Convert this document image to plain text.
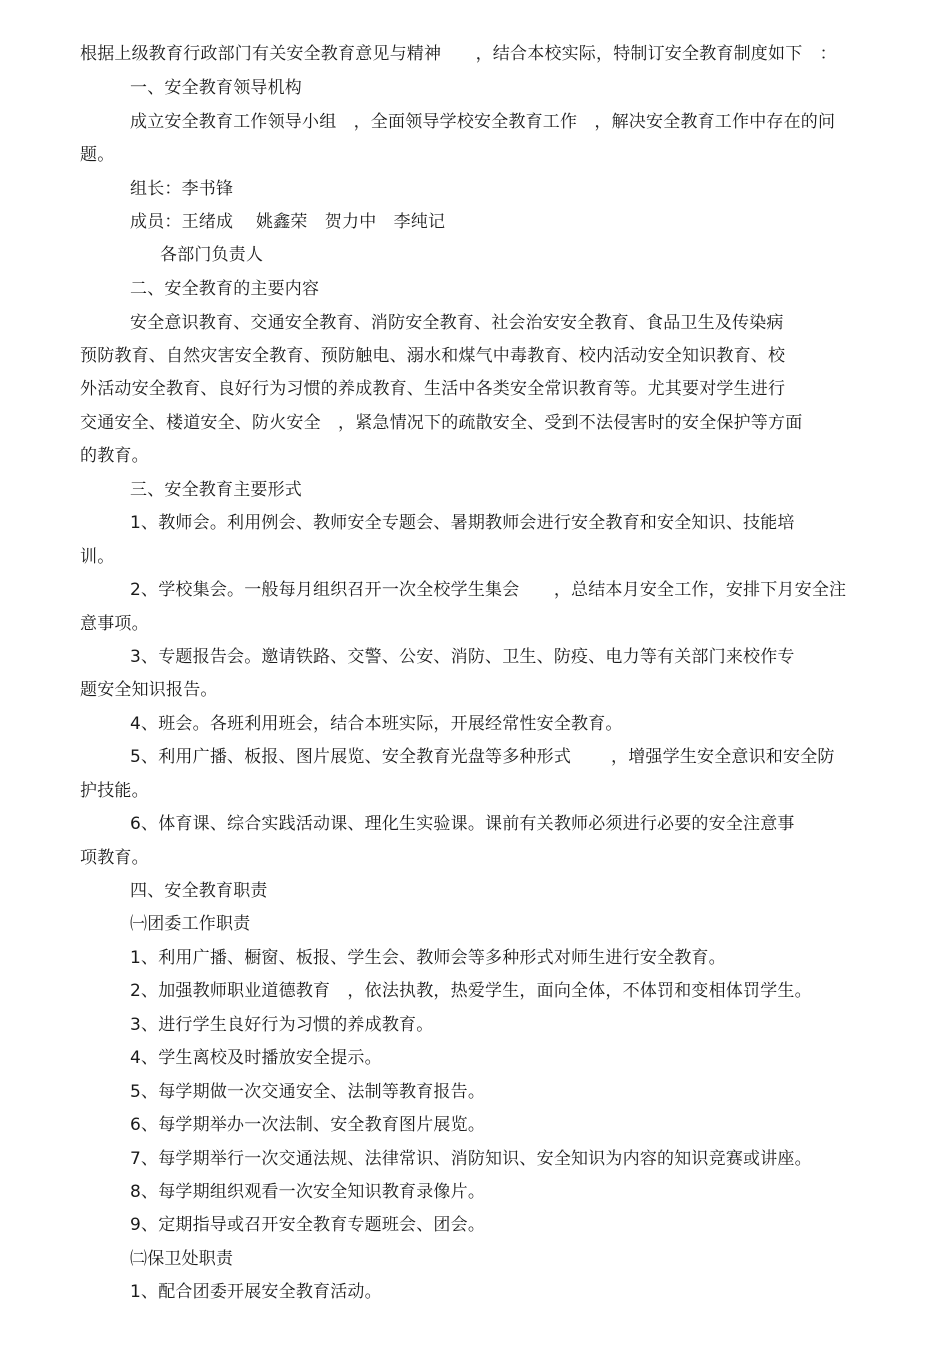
根据上级教育行政部门有关安全教育意见与精神　　，结合本校实际，特制订安全教育制度如下　：
一、安全教育领导机构
成立安全教育工作领导小组　，全面领导学校安全教育工作　，解决安全教育工作中存在的问
题。
组长：李书锋
成员：王绪成　 姚鑫荣　贺力中　李纯记
各部门负责人
二、安全教育的主要内容
安全意识教育、交通安全教育、消防安全教育、社会治安安全教育、食品卫生及传染病
预防教育、自然灾害安全教育、预防触电、溺水和煤气中毒教育、校内活动安全知识教育、校
外活动安全教育、良好行为习惯的养成教育、生活中各类安全常识教育等。尤其要对学生进行
交通安全、楼道安全、防火安全　，紧急情况下的疏散安全、受到不法侵害时的安全保护等方面
的教育。
三、安全教育主要形式
1、教师会。利用例会、教师安全专题会、暑期教师会进行安全教育和安全知识、技能培
训。
2、学校集会。一般每月组织召开一次全校学生集会　　，总结本月安全工作，安排下月安全注
意事项。
3、专题报告会。邀请铁路、交警、公安、消防、卫生、防疫、电力等有关部门来校作专
题安全知识报告。
4、班会。各班利用班会，结合本班实际，开展经常性安全教育。
5、利用广播、板报、图片展览、安全教育光盘等多种形式　　 ，增强学生安全意识和安全防
护技能。
6、体育课、综合实践活动课、理化生实验课。课前有关教师必须进行必要的安全注意事
项教育。
四、安全教育职责
㈠团委工作职责
1、利用广播、橱窗、板报、学生会、教师会等多种形式对师生进行安全教育。
2、加强教师职业道德教育　，依法执教，热爱学生，面向全体，不体罚和变相体罚学生。
3、进行学生良好行为习惯的养成教育。
4、学生离校及时播放安全提示。
5、每学期做一次交通安全、法制等教育报告。
6、每学期举办一次法制、安全教育图片展览。
7、每学期举行一次交通法规、法律常识、消防知识、安全知识为内容的知识竞赛或讲座。
8、每学期组织观看一次安全知识教育录像片。
9、定期指导或召开安全教育专题班会、团会。
㈡保卫处职责
1、配合团委开展安全教育活动。
